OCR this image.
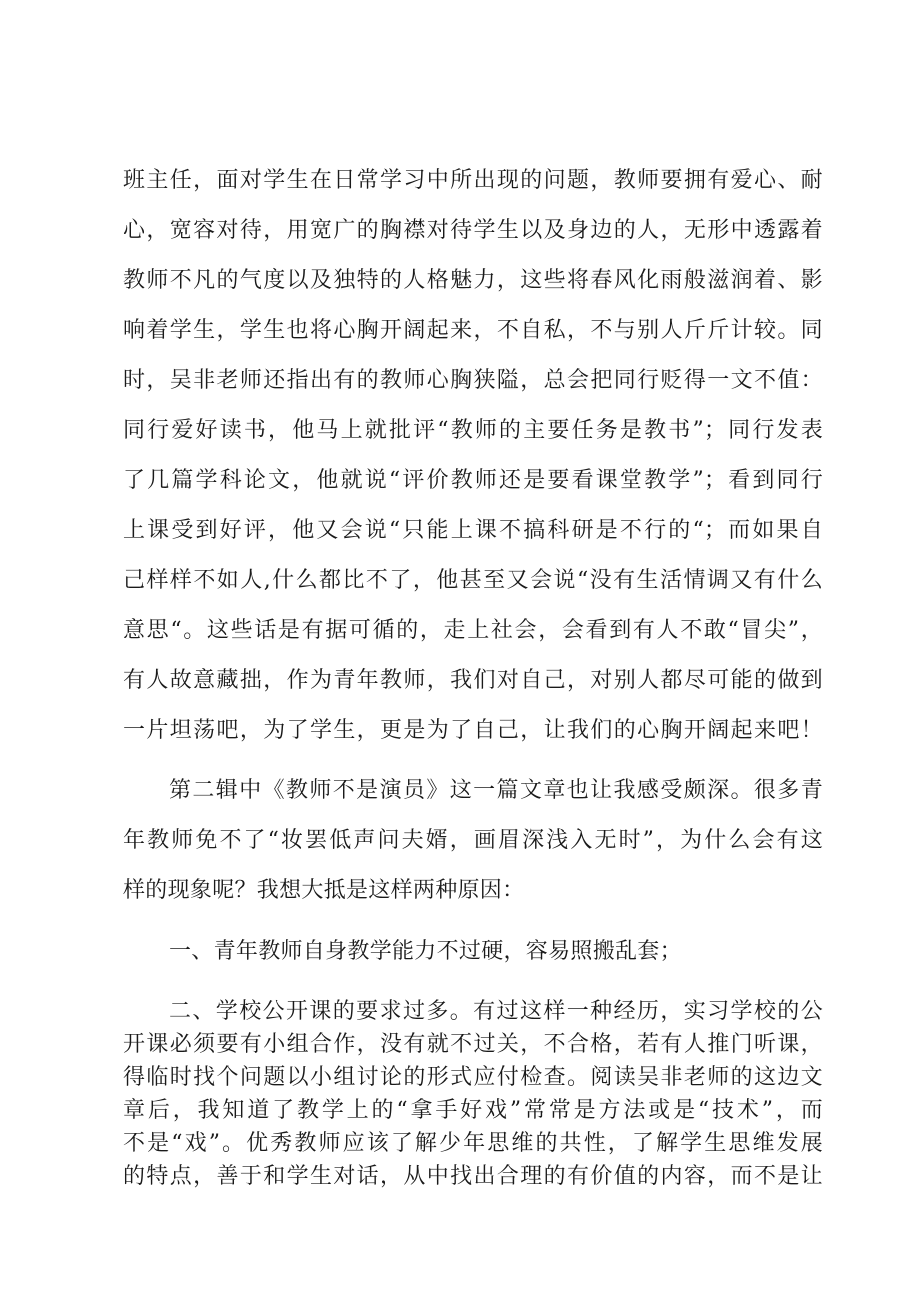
班主任，面对学生在日常学习中所出现的问题，教师要拥有爱心、耐
心，宽容对待，用宽广的胸襟对待学生以及身边的人，无形中透露着
教师不凡的气度以及独特的人格魅力，这些将春风化雨般滋润着、影
响着学生，学生也将心胸开阔起来，不自私，不与别人斤斤计较。同
时，吴非老师还指出有的教师心胸狭隘，总会把同行贬得一文不值：
同行爱好读书，他马上就批评“教师的主要任务是教书”；同行发表
了几篇学科论文，他就说“评价教师还是要看课堂教学”；看到同行
上课受到好评，他又会说“只能上课不搞科研是不行的“；而如果自
己样样不如人,什么都比不了，他甚至又会说“没有生活情调又有什么
意思“。这些话是有据可循的，走上社会，会看到有人不敢“冒尖”，
有人故意藏拙，作为青年教师，我们对自己，对别人都尽可能的做到
一片坦荡吧，为了学生，更是为了自己，让我们的心胸开阔起来吧！
第二辑中《教师不是演员》这一篇文章也让我感受颇深。很多青
年教师免不了“妆罢低声问夫婿，画眉深浅入无时”，为什么会有这
样的现象呢？我想大抵是这样两种原因：
一、青年教师自身教学能力不过硬，容易照搬乱套；
二、学校公开课的要求过多。有过这样一种经历，实习学校的公
开课必须要有小组合作，没有就不过关，不合格，若有人推门听课，
得临时找个问题以小组讨论的形式应付检查。阅读吴非老师的这边文
章后，我知道了教学上的“拿手好戏”常常是方法或是“技术”，而
不是“戏”。优秀教师应该了解少年思维的共性，了解学生思维发展
的特点，善于和学生对话，从中找出合理的有价值的内容，而不是让
